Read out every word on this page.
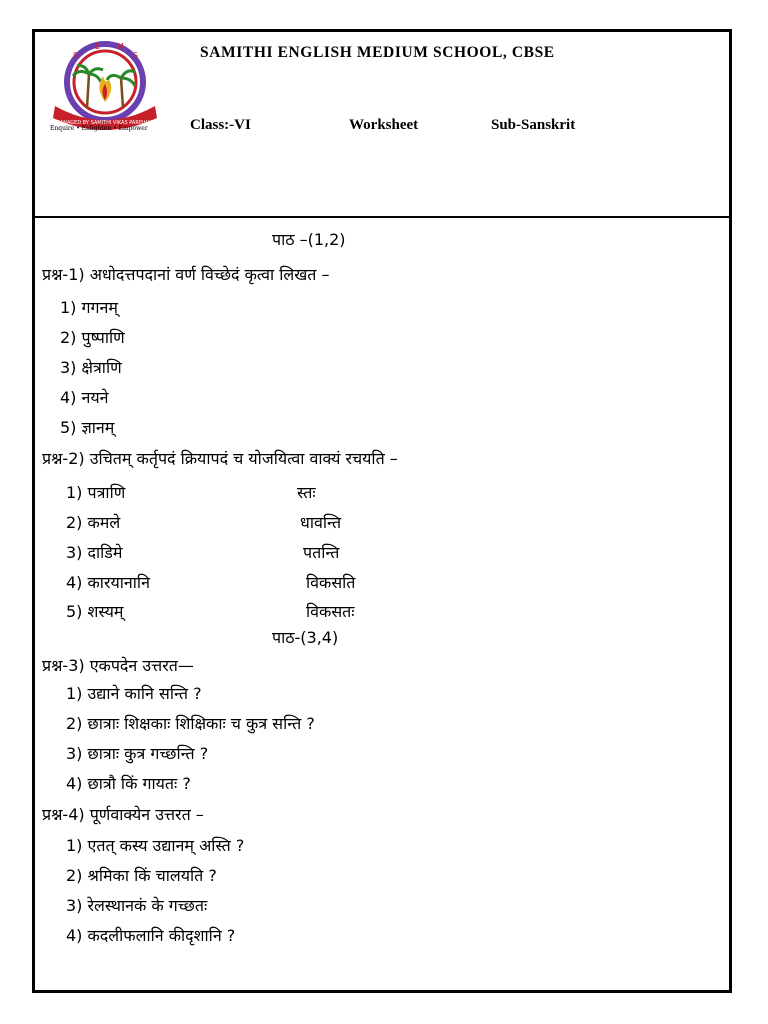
S
E M
S
MANAGED BY SAMITHI VIKAS PARISHAD
Enquire • Enlighten • Empower
SAMITHI ENGLISH MEDIUM SCHOOL, CBSE
Class:-VI	Worksheet	Sub-Sanskrit
पाठ –(1,2)
प्रश्न-1) अधोदत्तपदानां वर्ण विच्छेदं कृत्वा लिखत –
1) गगनम्
2) पुष्पाणि
3) क्षेत्राणि
4) नयने
5) ज्ञानम्
प्रश्न-2) उचितम् कर्तृपदं क्रियापदं च योजयित्वा वाक्यं रचयति –
1) पत्राणि	स्तः
2) कमले	धावन्ति
3) दाडिमे	पतन्ति
4) कारयानानि	विकसति
5) शस्यम्	विकसतः
पाठ-(3,4)
प्रश्न-3) एकपदेन उत्तरत—
1) उद्याने कानि सन्ति ?
2) छात्राः शिक्षकाः शिक्षिकाः च कुत्र सन्ति ?
3) छात्राः कुत्र गच्छन्ति ?
4) छात्रौ किं गायतः ?
प्रश्न-4) पूर्णवाक्येन उत्तरत –
1) एतत् कस्य उद्यानम् अस्ति ?
2) श्रमिका किं चालयति ?
3) रेलस्थानकं के गच्छतः
4) कदलीफलानि कीदृशानि ?
